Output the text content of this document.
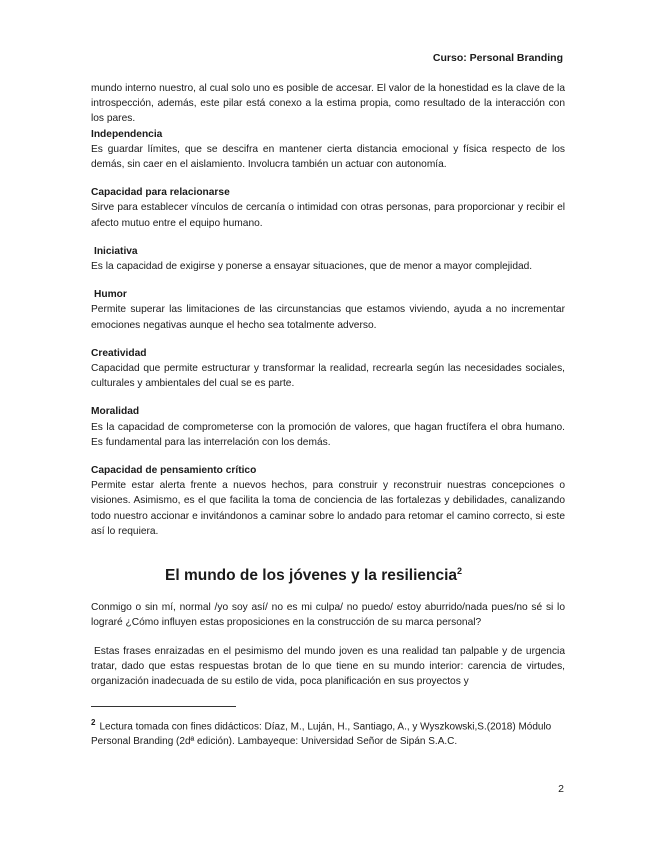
Curso: Personal Branding

mundo interno nuestro, al cual solo uno es posible de accesar. El valor de la honestidad es la clave de la introspección, además, este pilar está conexo a la estima propia, como resultado de la interacción con los pares.

Independencia

Es guardar límites, que se descifra en mantener cierta distancia emocional y física respecto de los demás, sin caer en el aislamiento. Involucra también un actuar con autonomía.

Capacidad para relacionarse

Sirve para establecer vínculos de cercanía o intimidad con otras personas, para proporcionar y recibir el afecto mutuo entre el equipo humano.

Iniciativa

Es la capacidad de exigirse y ponerse a ensayar situaciones, que de menor a mayor complejidad.

Humor

Permite superar las limitaciones de las circunstancias que estamos viviendo, ayuda a no incrementar emociones negativas aunque el hecho sea totalmente adverso.

Creatividad

Capacidad que permite estructurar y transformar la realidad, recrearla según las necesidades sociales, culturales y ambientales del cual se es parte.

Moralidad

Es la capacidad de comprometerse con la promoción de valores, que hagan fructífera el obra humano. Es fundamental para las interrelación con los demás.

Capacidad de pensamiento crítico

Permite estar alerta frente a nuevos hechos, para construir y reconstruir nuestras concepciones o visiones. Asimismo, es el que facilita la toma de conciencia de las fortalezas y debilidades, canalizando todo nuestro accionar e invitándonos a caminar sobre lo andado para retomar el camino correcto, si este así lo requiera.

El mundo de los jóvenes y la resiliencia$^2$

Conmigo o sin mí, normal /yo soy así/ no es mi culpa/ no puedo/ estoy aburrido/nada pues/no sé si lo lograré ¿Cómo influyen estas proposiciones en la construcción de su marca personal?

Estas frases enraizadas en el pesimismo del mundo joven es una realidad tan palpable y de urgencia tratar, dado que estas respuestas brotan de lo que tiene en su mundo interior: carencia de virtudes, organización inadecuada de su estilo de vida, poca planificación en sus proyectos y

$^2$ Lectura tomada con fines didácticos: Díaz, M., Luján, H., Santiago, A., y Wyszkowski,S.(2018) Módulo Personal Branding (2dª edición). Lambayeque: Universidad Señor de Sipán S.A.C.
2
